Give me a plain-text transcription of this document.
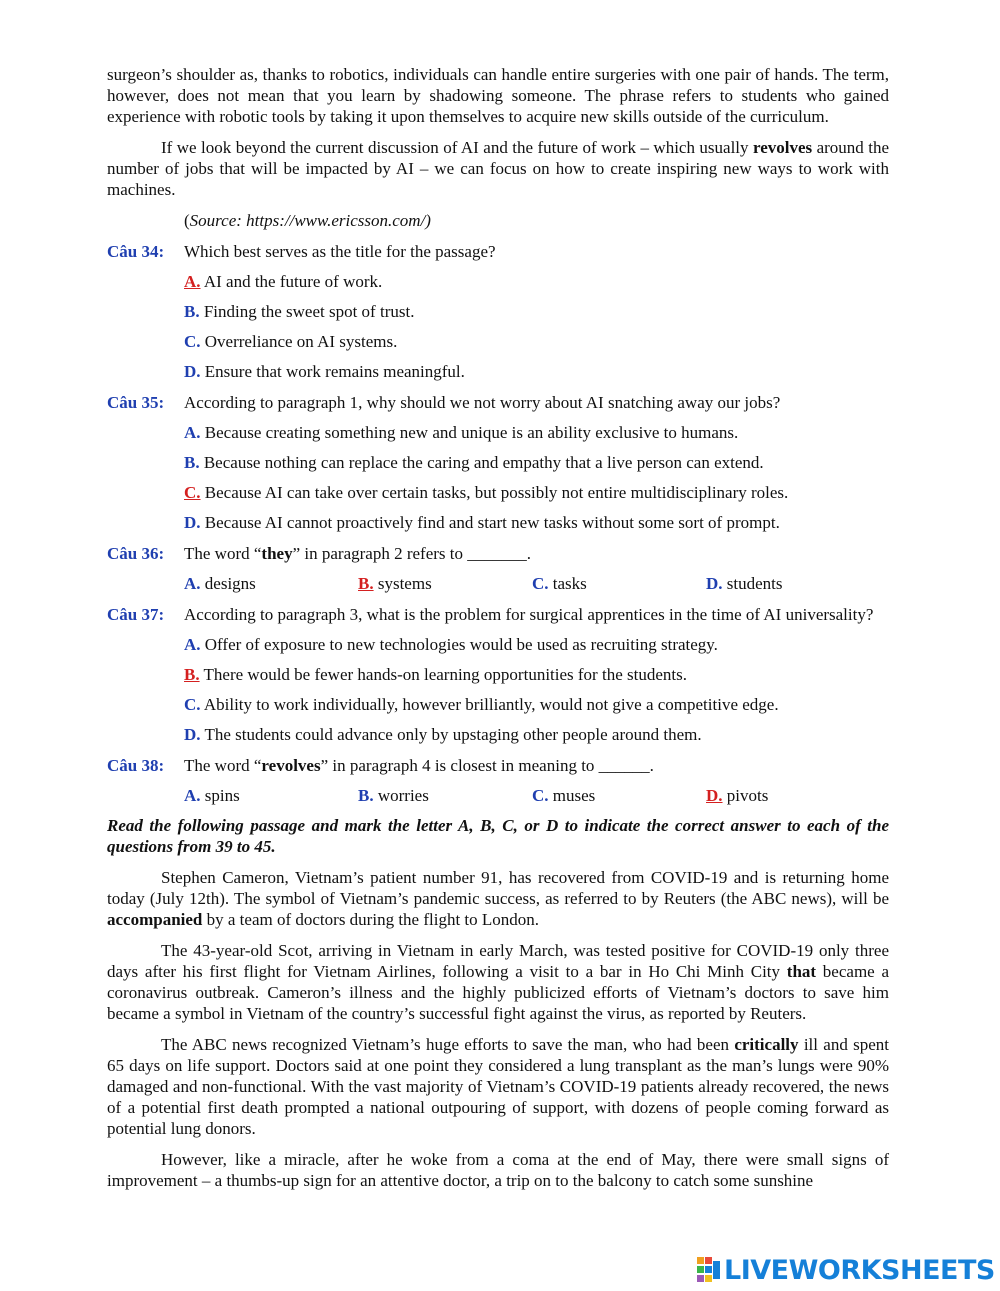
surgeon’s shoulder as, thanks to robotics, individuals can handle entire surgeries with one pair of hands. The term, however, does not mean that you learn by shadowing someone. The phrase refers to students who gained experience with robotic tools by taking it upon themselves to acquire new skills outside of the curriculum.

If we look beyond the current discussion of AI and the future of work – which usually revolves around the number of jobs that will be impacted by AI – we can focus on how to create inspiring new ways to work with machines.

(Source: https://www.ericsson.com/)

Câu 34:	Which best serves as the title for the passage?
A. AI and the future of work.
B. Finding the sweet spot of trust.
C. Overreliance on AI systems.
D. Ensure that work remains meaningful.
Câu 35:	According to paragraph 1, why should we not worry about AI snatching away our jobs?
A. Because creating something new and unique is an ability exclusive to humans.
B. Because nothing can replace the caring and empathy that a live person can extend.
C. Because AI can take over certain tasks, but possibly not entire multidisciplinary roles.
D. Because AI cannot proactively find and start new tasks without some sort of prompt.
Câu 36:	The word “they” in paragraph 2 refers to _______.
A. designs	B. systems	C. tasks	D. students
Câu 37:	According to paragraph 3, what is the problem for surgical apprentices in the time of AI universality?
A. Offer of exposure to new technologies would be used as recruiting strategy.
B. There would be fewer hands-on learning opportunities for the students.
C. Ability to work individually, however brilliantly, would not give a competitive edge.
D. The students could advance only by upstaging other people around them.
Câu 38:	The word “revolves” in paragraph 4 is closest in meaning to ______.
A. spins	B. worries	C. muses	D. pivots

Read the following passage and mark the letter A, B, C, or D to indicate the correct answer to each of the questions from 39 to 45.

Stephen Cameron, Vietnam’s patient number 91, has recovered from COVID-19 and is returning home today (July 12th). The symbol of Vietnam’s pandemic success, as referred to by Reuters (the ABC news), will be accompanied by a team of doctors during the flight to London.

The 43-year-old Scot, arriving in Vietnam in early March, was tested positive for COVID-19 only three days after his first flight for Vietnam Airlines, following a visit to a bar in Ho Chi Minh City that became a coronavirus outbreak. Cameron’s illness and the highly publicized efforts of Vietnam’s doctors to save him became a symbol in Vietnam of the country’s successful fight against the virus, as reported by Reuters.

The ABC news recognized Vietnam’s huge efforts to save the man, who had been critically ill and spent 65 days on life support. Doctors said at one point they considered a lung transplant as the man’s lungs were 90% damaged and non-functional. With the vast majority of Vietnam’s COVID-19 patients already recovered, the news of a potential first death prompted a national outpouring of support, with dozens of people coming forward as potential lung donors.

However, like a miracle, after he woke from a coma at the end of May, there were small signs of improvement – a thumbs-up sign for an attentive doctor, a trip on to the balcony to catch some sunshine

LIVEWORKSHEETS
